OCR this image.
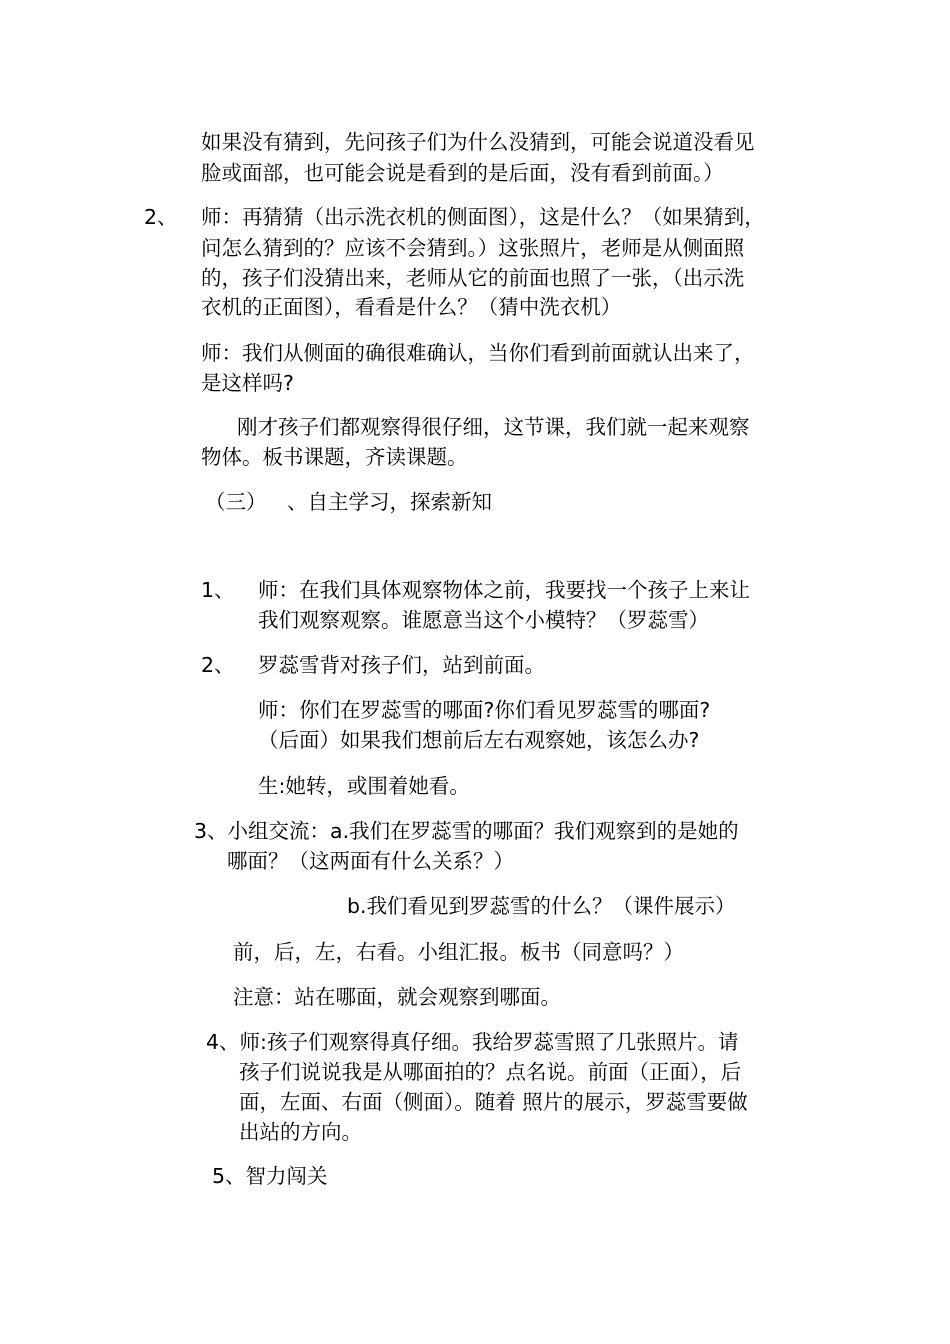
如果没有猜到，先问孩子们为什么没猜到，可能会说道没看见
脸或面部，也可能会说是看到的是后面，没有看到前面。）
2、 师：再猜猜（出示洗衣机的侧面图），这是什么？（如果猜到，
问怎么猜到的？应该不会猜到。）这张照片，老师是从侧面照
的，孩子们没猜出来，老师从它的前面也照了一张，（出示洗
衣机的正面图），看看是什么？（猜中洗衣机）
师：我们从侧面的确很难确认，当你们看到前面就认出来了，
是这样吗?
刚才孩子们都观察得很仔细，这节课，我们就一起来观察
物体。板书课题，齐读课题。
（三） 、自主学习，探索新知
1、 师：在我们具体观察物体之前，我要找一个孩子上来让
我们观察观察。谁愿意当这个小模特？（罗蕊雪）
2、 罗蕊雪背对孩子们，站到前面。
师：你们在罗蕊雪的哪面?你们看见罗蕊雪的哪面?
（后面）如果我们想前后左右观察她，该怎么办?
生:她转，或围着她看。
3、小组交流：a.我们在罗蕊雪的哪面？我们观察到的是她的
哪面？（这两面有什么关系？）
b.我们看见到罗蕊雪的什么？（课件展示）
前，后，左，右看。小组汇报。板书（同意吗？）
注意：站在哪面，就会观察到哪面。
4、师:孩子们观察得真仔细。我给罗蕊雪照了几张照片。请
孩子们说说我是从哪面拍的？点名说。前面（正面），后
面，左面、右面（侧面）。随着 照片的展示，罗蕊雪要做
出站的方向。
5、智力闯关
